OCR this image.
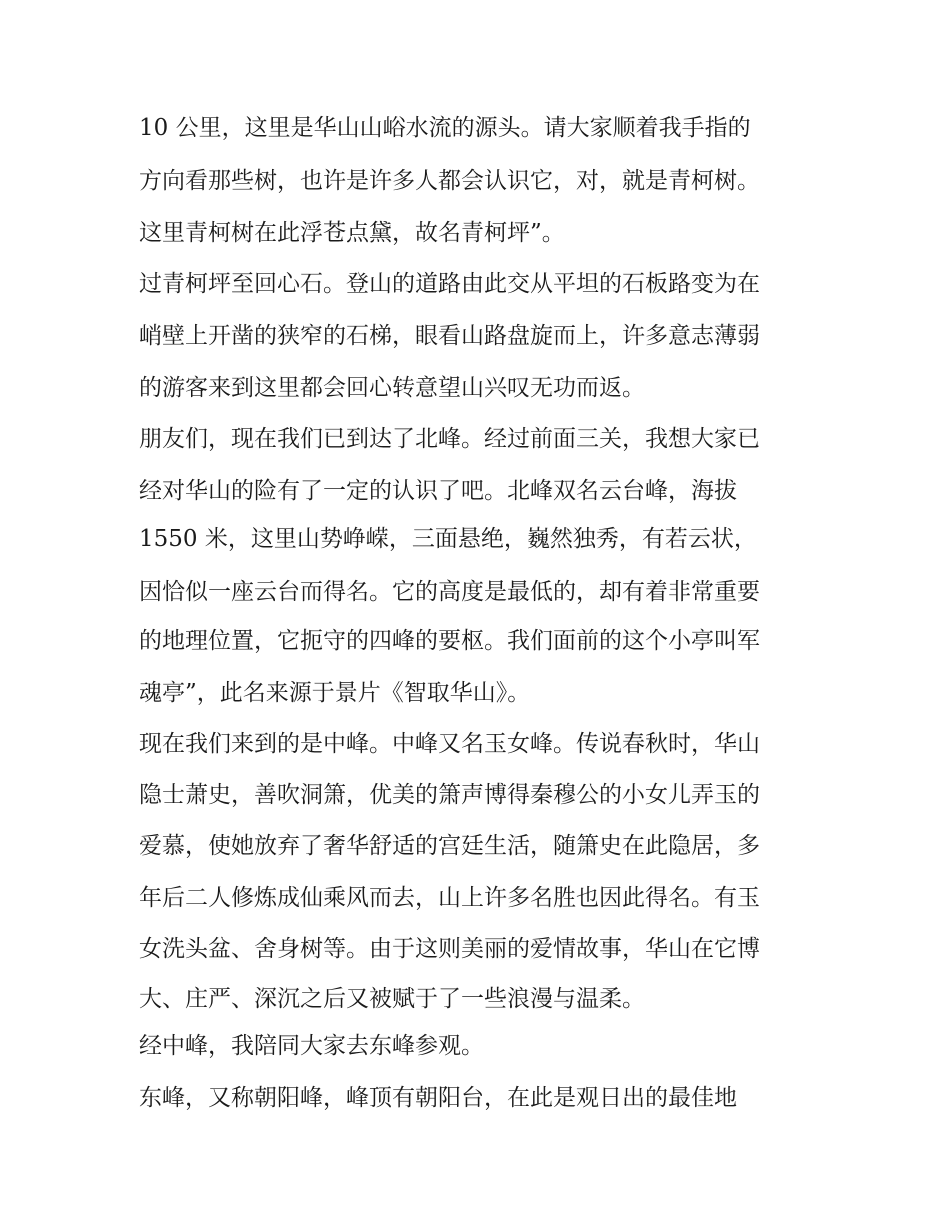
10 公里，这里是华山山峪水流的源头。请大家顺着我手指的
方向看那些树，也许是许多人都会认识它，对，就是青柯树。
这里青柯树在此浮苍点黛，故名青柯坪”。
过青柯坪至回心石。登山的道路由此交从平坦的石板路变为在
峭壁上开凿的狭窄的石梯，眼看山路盘旋而上，许多意志薄弱
的游客来到这里都会回心转意望山兴叹无功而返。
朋友们，现在我们已到达了北峰。经过前面三关，我想大家已
经对华山的险有了一定的认识了吧。北峰双名云台峰，海拔
1550 米，这里山势峥嵘，三面悬绝，巍然独秀，有若云状，
因恰似一座云台而得名。它的高度是最低的，却有着非常重要
的地理位置，它扼守的四峰的要枢。我们面前的这个小亭叫军
魂亭”，此名来源于景片《智取华山》。
现在我们来到的是中峰。中峰又名玉女峰。传说春秋时，华山
隐士萧史，善吹洞箫，优美的箫声博得秦穆公的小女儿弄玉的
爱慕，使她放弃了奢华舒适的宫廷生活，随箫史在此隐居，多
年后二人修炼成仙乘风而去，山上许多名胜也因此得名。有玉
女洗头盆、舍身树等。由于这则美丽的爱情故事，华山在它博
大、庄严、深沉之后又被赋于了一些浪漫与温柔。
经中峰，我陪同大家去东峰参观。
东峰，又称朝阳峰，峰顶有朝阳台，在此是观日出的最佳地
